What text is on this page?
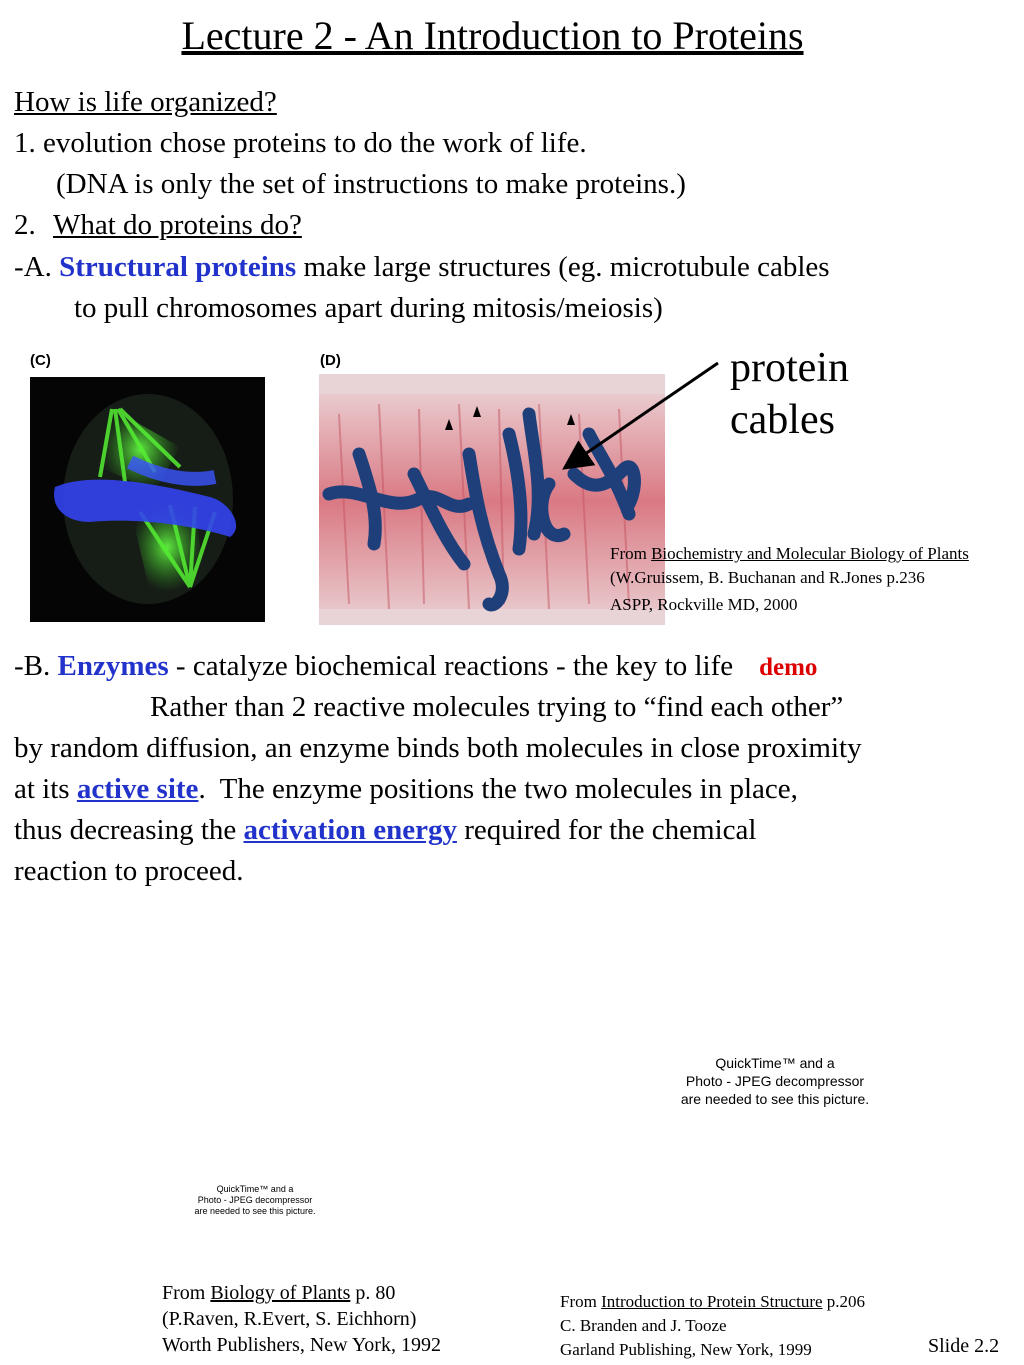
Lecture 2 - An Introduction to Proteins
How is life organized?
1. evolution chose proteins to do the work of life.
(DNA is only the set of instructions to make proteins.)
2. What do proteins do?
-A. Structural proteins make large structures (eg. microtubule cables
to pull chromosomes apart during mitosis/meiosis)
(C)	(D)	protein
cables
From Biochemistry and Molecular Biology of Plants
(W.Gruissem, B. Buchanan and R.Jones p.236
ASPP, Rockville MD, 2000
-B. Enzymes - catalyze biochemical reactions - the key to life demo
Rather than 2 reactive molecules trying to “find each other”
by random diffusion, an enzyme binds both molecules in close proximity
at its active site.  The enzyme positions the two molecules in place,
thus decreasing the activation energy required for the chemical
reaction to proceed.
QuickTime™ and a
Photo - JPEG decompressor
are needed to see this picture.
QuickTime™ and a
Photo - JPEG decompressor
are needed to see this picture.
From Biology of Plants p. 80
(P.Raven, R.Evert, S. Eichhorn)
Worth Publishers, New York, 1992
From Introduction to Protein Structure p.206
C. Branden and J. Tooze
Garland Publishing, New York, 1999	Slide 2.2
